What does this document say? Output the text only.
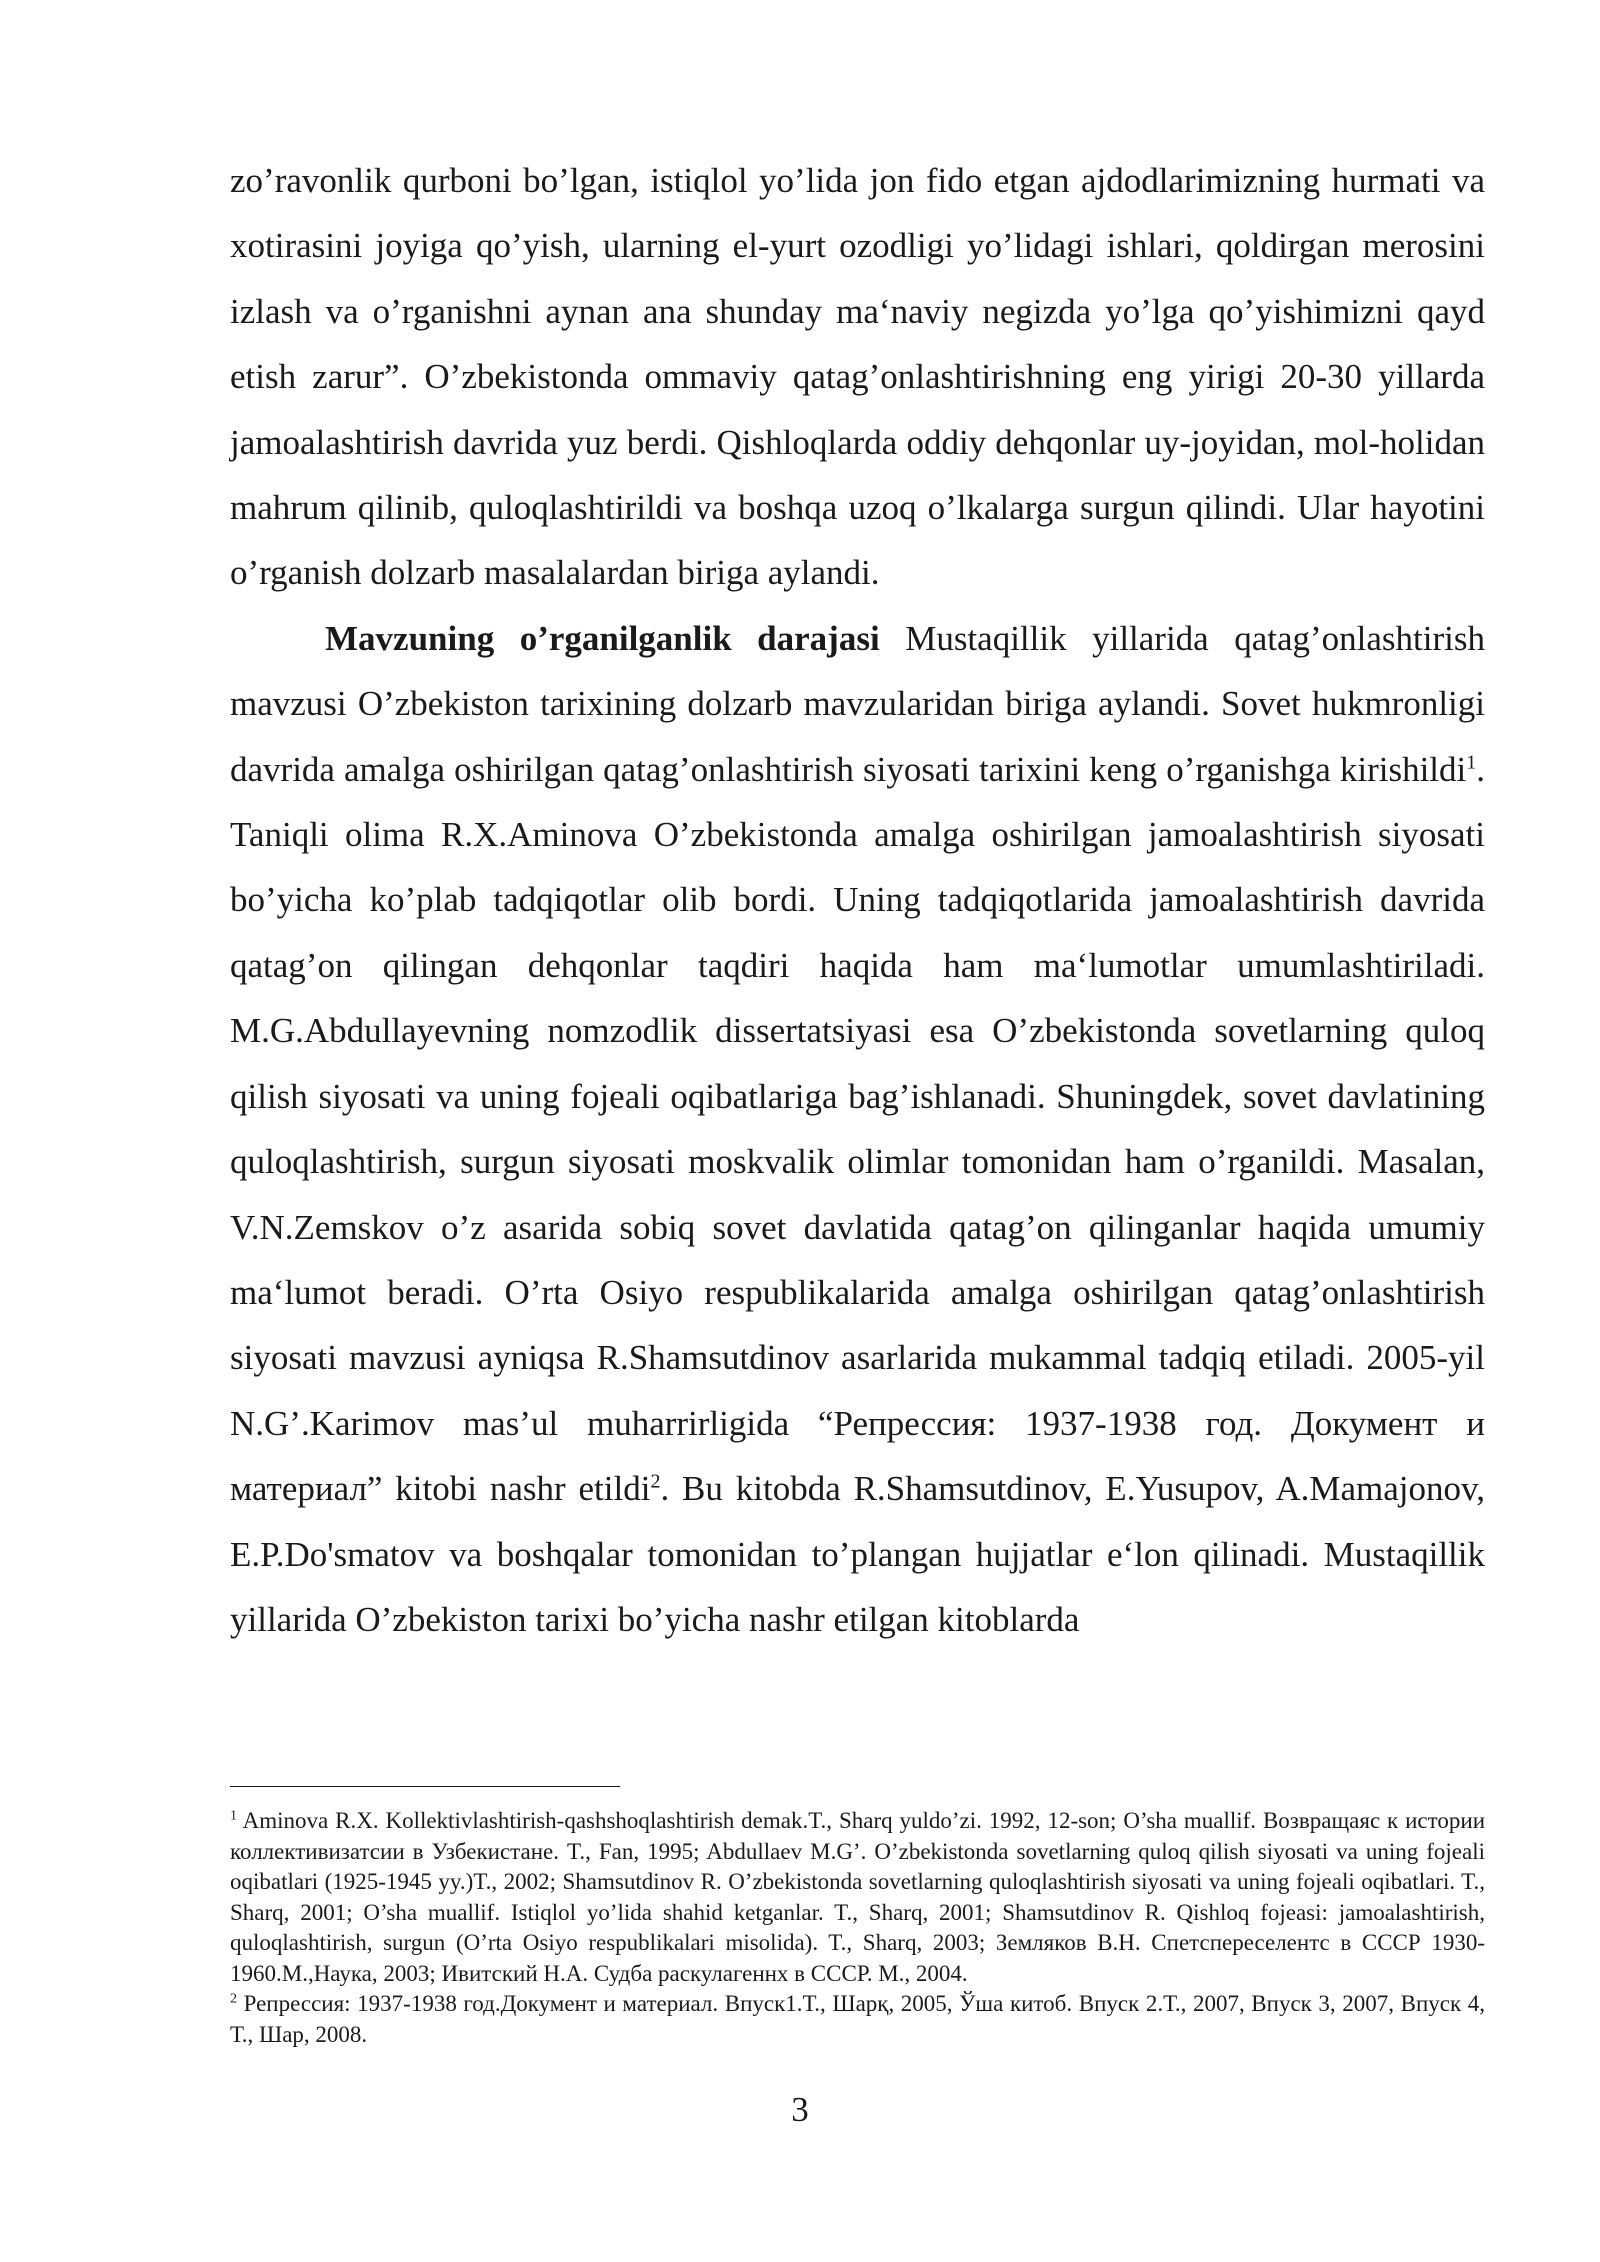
zo’ravonlik qurboni bo’lgan, istiqlol yo’lida jon fido etgan ajdodlarimizning hurmati va xotirasini joyiga qo’yish, ularning el-yurt ozodligi yo’lidagi ishlari, qoldirgan merosini izlash va o’rganishni aynan ana shunday ma‘naviy negizda yo’lga qo’yishimizni qayd etish zarur”. O’zbekistonda ommaviy qatag’onlashtirishning eng yirigi 20-30 yillarda jamoalashtirish davrida yuz berdi. Qishloqlarda oddiy dehqonlar uy-joyidan, mol-holidan mahrum qilinib, quloqlashtirildi va boshqa uzoq o’lkalarga surgun qilindi. Ular hayotini o’rganish dolzarb masalalardan biriga aylandi.

Mavzuning o’rganilganlik darajasi Mustaqillik yillarida qatag’onlashtirish mavzusi O’zbekiston tarixining dolzarb mavzularidan biriga aylandi. Sovet hukmronligi davrida amalga oshirilgan qatag’onlashtirish siyosati tarixini keng o’rganishga kirishildi$^1$. Taniqli olima R.X.Aminova O’zbekistonda amalga oshirilgan jamoalashtirish siyosati bo’yicha ko’plab tadqiqotlar olib bordi. Uning tadqiqotlarida jamoalashtirish davrida qatag’on qilingan dehqonlar taqdiri haqida ham ma‘lumotlar umumlashtiriladi. M.G.Abdullayevning nomzodlik dissertatsiyasi esa O’zbekistonda sovetlarning quloq qilish siyosati va uning fojeali oqibatlariga bag’ishlanadi. Shuningdek, sovet davlatining quloqlashtirish, surgun siyosati moskvalik olimlar tomonidan ham o’rganildi. Masalan, V.N.Zemskov o’z asarida sobiq sovet davlatida qatag’on qilinganlar haqida umumiy ma‘lumot beradi. O’rta Osiyo respublikalarida amalga oshirilgan qatag’onlashtirish siyosati mavzusi ayniqsa R.Shamsutdinov asarlarida mukammal tadqiq etiladi. 2005-yil N.G’.Karimov mas’ul muharrirligida “Репрессия: 1937-1938 год. Документ и материал” kitobi nashr etildi$^2$. Bu kitobda R.Shamsutdinov, E.Yusupov, A.Mamajonov, E.P.Do'smatov va boshqalar tomonidan to’plangan hujjatlar e‘lon qilinadi. Mustaqillik yillarida O’zbekiston tarixi bo’yicha nashr etilgan kitoblarda

$^1$ Aminova R.X. Kollektivlashtirish-qashshoqlashtirish demak.T., Sharq yuldo’zi. 1992, 12-son; O’sha muallif. Возвращаяс к истории коллективизатсии в Узбекистане. T., Fan, 1995; Abdullaev M.G’. O’zbekistonda sovetlarning quloq qilish siyosati va uning fojeali oqibatlari (1925-1945 yy.)T., 2002; Shamsutdinov R. O’zbekistonda sovetlarning quloqlashtirish siyosati va uning fojeali oqibatlari. T., Sharq, 2001; O’sha muallif. Istiqlol yo’lida shahid ketganlar. T., Sharq, 2001; Shamsutdinov R. Qishloq fojeasi: jamoalashtirish, quloqlashtirish, surgun (O’rta Osiyo respublikalari misolida). T., Sharq, 2003; Земляков В.Н. Спетспереселентс в СССР 1930-1960.М.,Наука, 2003; Ивитский Н.А. Судба раскулагеннх в СССР. М., 2004.

$^2$ Репрессия: 1937-1938 год.Документ и материал. Впуск1.Т., Шарқ, 2005, Ўша китоб. Впуск 2.Т., 2007, Впуск 3, 2007, Впуск 4, Т., Шар, 2008.

3
